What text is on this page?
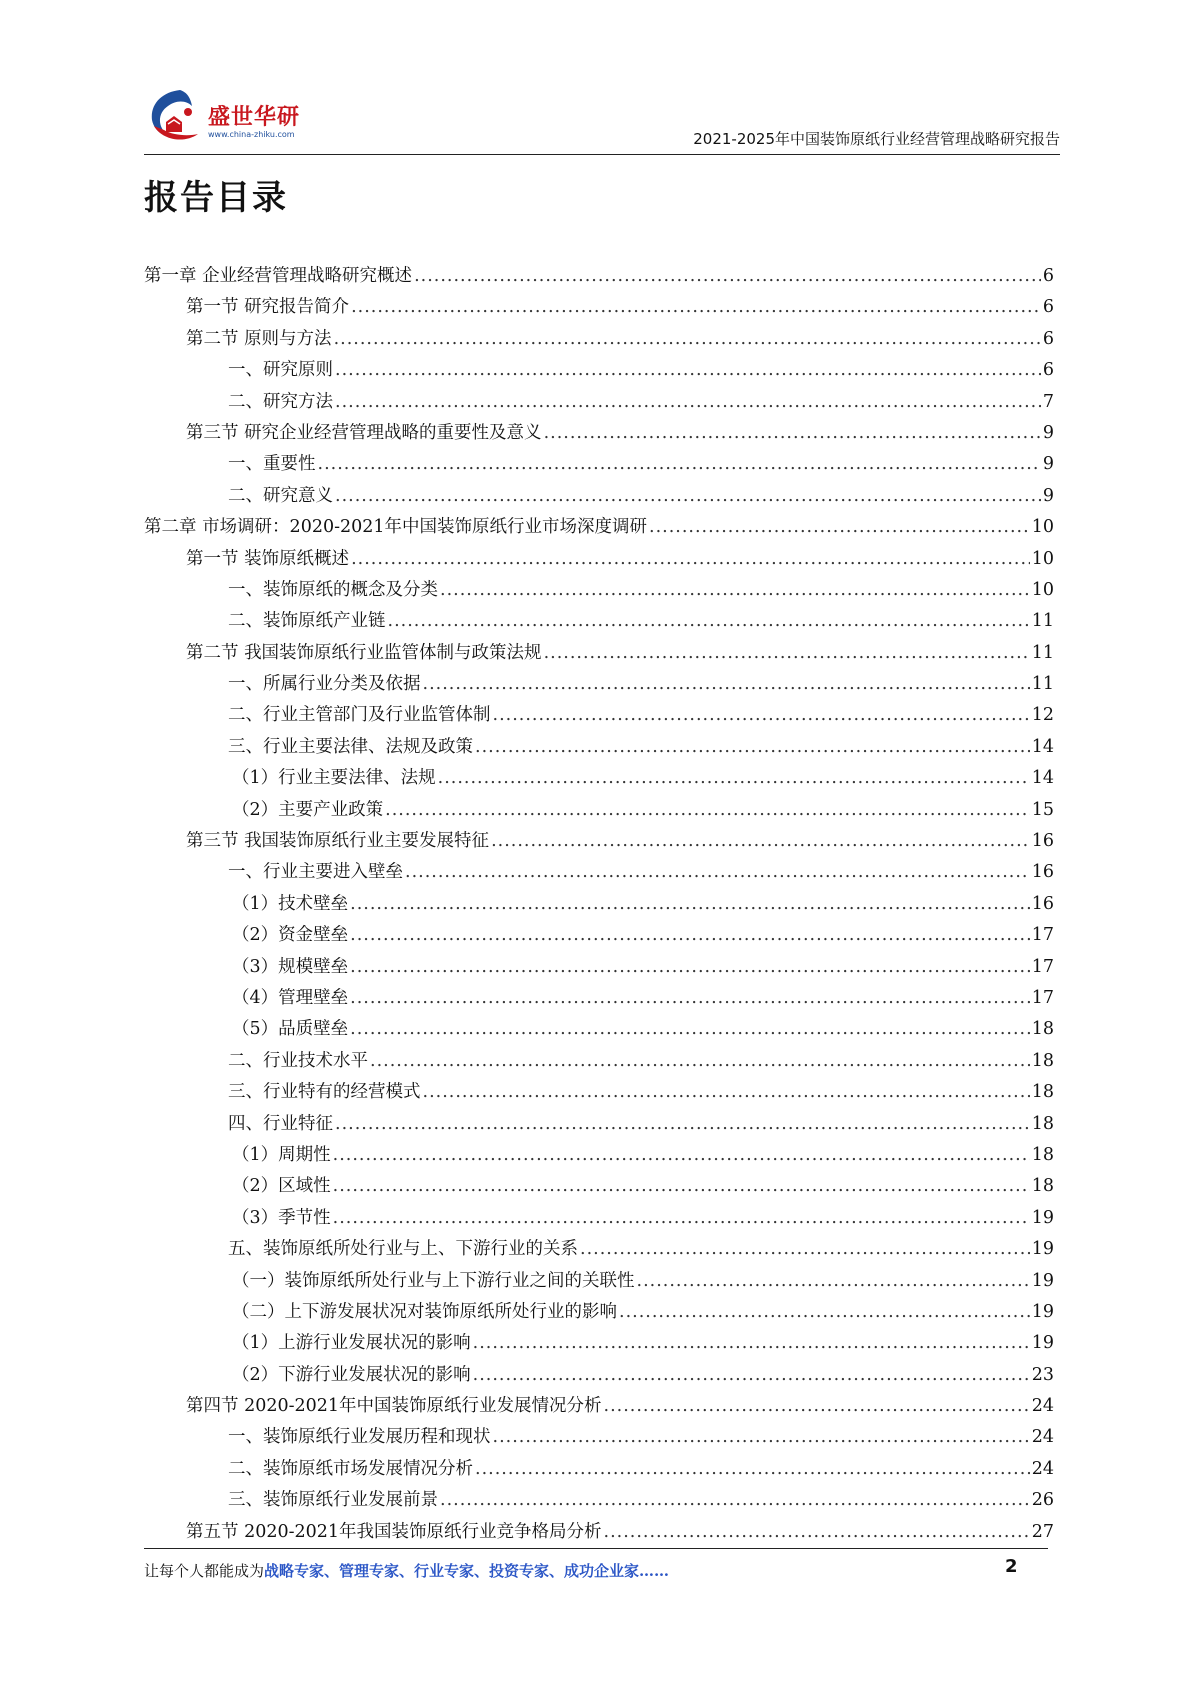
盛世华研
www.china-zhiku.com	2021-2025年中国装饰原纸行业经营管理战略研究报告
报告目录
第一章 企业经营管理战略研究概述 .....	6
第一节 研究报告简介 .....	6
第二节 原则与方法 .....	6
一、研究原则 .....	6
二、研究方法 .....	7
第三节 研究企业经营管理战略的重要性及意义 .....	9
一、重要性 .....	9
二、研究意义 .....	9
第二章 市场调研：2020-2021年中国装饰原纸行业市场深度调研 .....	10
第一节 装饰原纸概述 .....	10
一、装饰原纸的概念及分类 .....	10
二、装饰原纸产业链 .....	11
第二节 我国装饰原纸行业监管体制与政策法规 .....	11
一、所属行业分类及依据 .....	11
二、行业主管部门及行业监管体制 .....	12
三、行业主要法律、法规及政策 .....	14
（1）行业主要法律、法规 .....	14
（2）主要产业政策 .....	15
第三节 我国装饰原纸行业主要发展特征 .....	16
一、行业主要进入壁垒 .....	16
（1）技术壁垒 .....	16
（2）资金壁垒 .....	17
（3）规模壁垒 .....	17
（4）管理壁垒 .....	17
（5）品质壁垒 .....	18
二、行业技术水平 .....	18
三、行业特有的经营模式 .....	18
四、行业特征 .....	18
（1）周期性 .....	18
（2）区域性 .....	18
（3）季节性 .....	19
五、装饰原纸所处行业与上、下游行业的关系 .....	19
（一）装饰原纸所处行业与上下游行业之间的关联性 .....	19
（二）上下游发展状况对装饰原纸所处行业的影响 .....	19
（1）上游行业发展状况的影响 .....	19
（2）下游行业发展状况的影响 .....	23
第四节 2020-2021年中国装饰原纸行业发展情况分析 .....	24
一、装饰原纸行业发展历程和现状 .....	24
二、装饰原纸市场发展情况分析 .....	24
三、装饰原纸行业发展前景 .....	26
第五节 2020-2021年我国装饰原纸行业竞争格局分析 .....	27
让每个人都能成为战略专家、管理专家、行业专家、投资专家、成功企业家……	2
